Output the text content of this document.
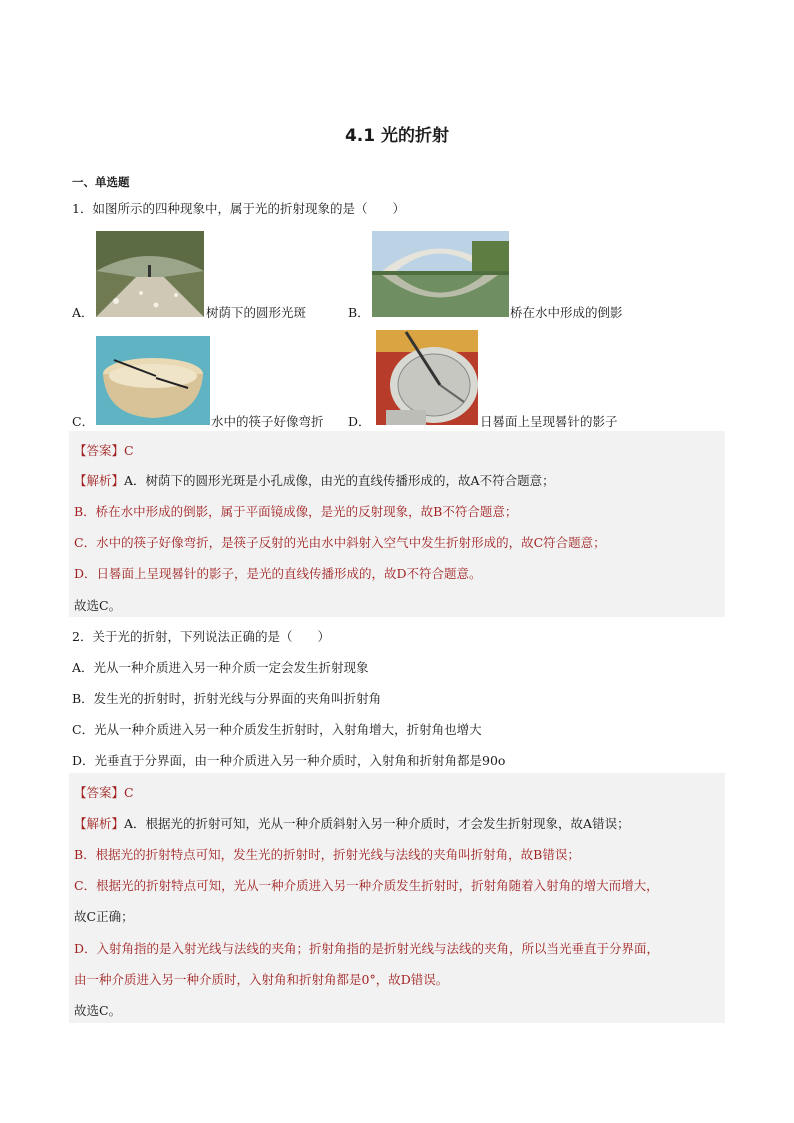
4.1 光的折射
一、单选题
1．如图所示的四种现象中，属于光的折射现象的是（　　）
A．	树荫下的圆形光斑	B．	桥在水中形成的倒影
C．	水中的筷子好像弯折 D．	日晷面上呈现晷针的影子
【答案】C
【解析】A．树荫下的圆形光斑是小孔成像，由光的直线传播形成的，故A不符合题意；
B．桥在水中形成的倒影，属于平面镜成像，是光的反射现象，故B不符合题意；
C．水中的筷子好像弯折，是筷子反射的光由水中斜射入空气中发生折射形成的，故C符合题意；
D．日晷面上呈现晷针的影子，是光的直线传播形成的，故D不符合题意。
故选C。
2．关于光的折射，下列说法正确的是（　　）
A．光从一种介质进入另一种介质一定会发生折射现象
B．发生光的折射时，折射光线与分界面的夹角叫折射角
C．光从一种介质进入另一种介质发生折射时，入射角增大，折射角也增大
D．光垂直于分界面，由一种介质进入另一种介质时，入射角和折射角都是90o
【答案】C
【解析】A．根据光的折射可知，光从一种介质斜射入另一种介质时，才会发生折射现象，故A错误；
B．根据光的折射特点可知，发生光的折射时，折射光线与法线的夹角叫折射角，故B错误；
C．根据光的折射特点可知，光从一种介质进入另一种介质发生折射时，折射角随着入射角的增大而增大，
故C正确；
D．入射角指的是入射光线与法线的夹角；折射角指的是折射光线与法线的夹角，所以当光垂直于分界面，
由一种介质进入另一种介质时，入射角和折射角都是0°，故D错误。
故选C。
